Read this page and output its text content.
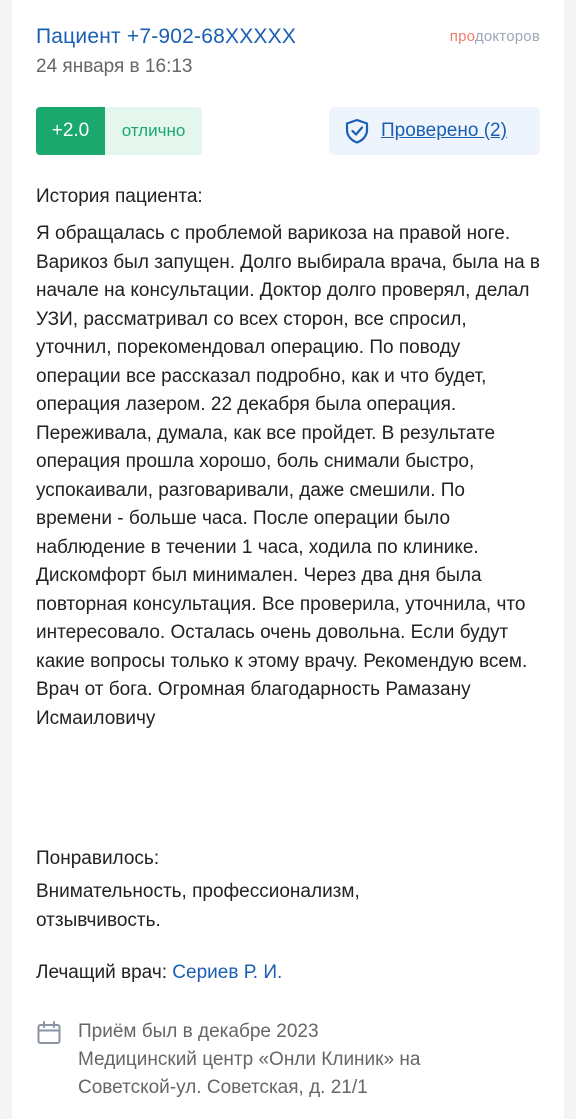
Пациент +7-902-68XXXXX
24 января в 16:13
продокторов
+2.0	отлично	Проверено (2)
История пациента:

Я обращалась с проблемой варикоза на правой ноге. Варикоз был запущен. Долго выбирала врача, была на в начале на консультации. Доктор долго проверял, делал УЗИ, рассматривал со всех сторон, все спросил, уточнил, порекомендовал операцию. По поводу операции все рассказал подробно, как и что будет, операция лазером. 22 декабря была операция. Переживала, думала, как все пройдет. В результате операция прошла хорошо, боль снимали быстро, успокаивали, разговаривали, даже смешили. По времени - больше часа. После операции было наблюдение в течении 1 часа, ходила по клинике. Дискомфорт был минимален. Через два дня была повторная консультация. Все проверила, уточнила, что интересовало. Осталась очень довольна. Если будут какие вопросы только к этому врачу. Рекомендую всем. Врач от бога. Огромная благодарность Рамазану Исмаиловичу

Понравилось:

Внимательность, профессионализм, отзывчивость.

Лечащий врач: Сериев Р. И.
Приём был в декабре 2023
Медицинский центр «Онли Клиник» на Советской-ул. Советская, д. 21/1
